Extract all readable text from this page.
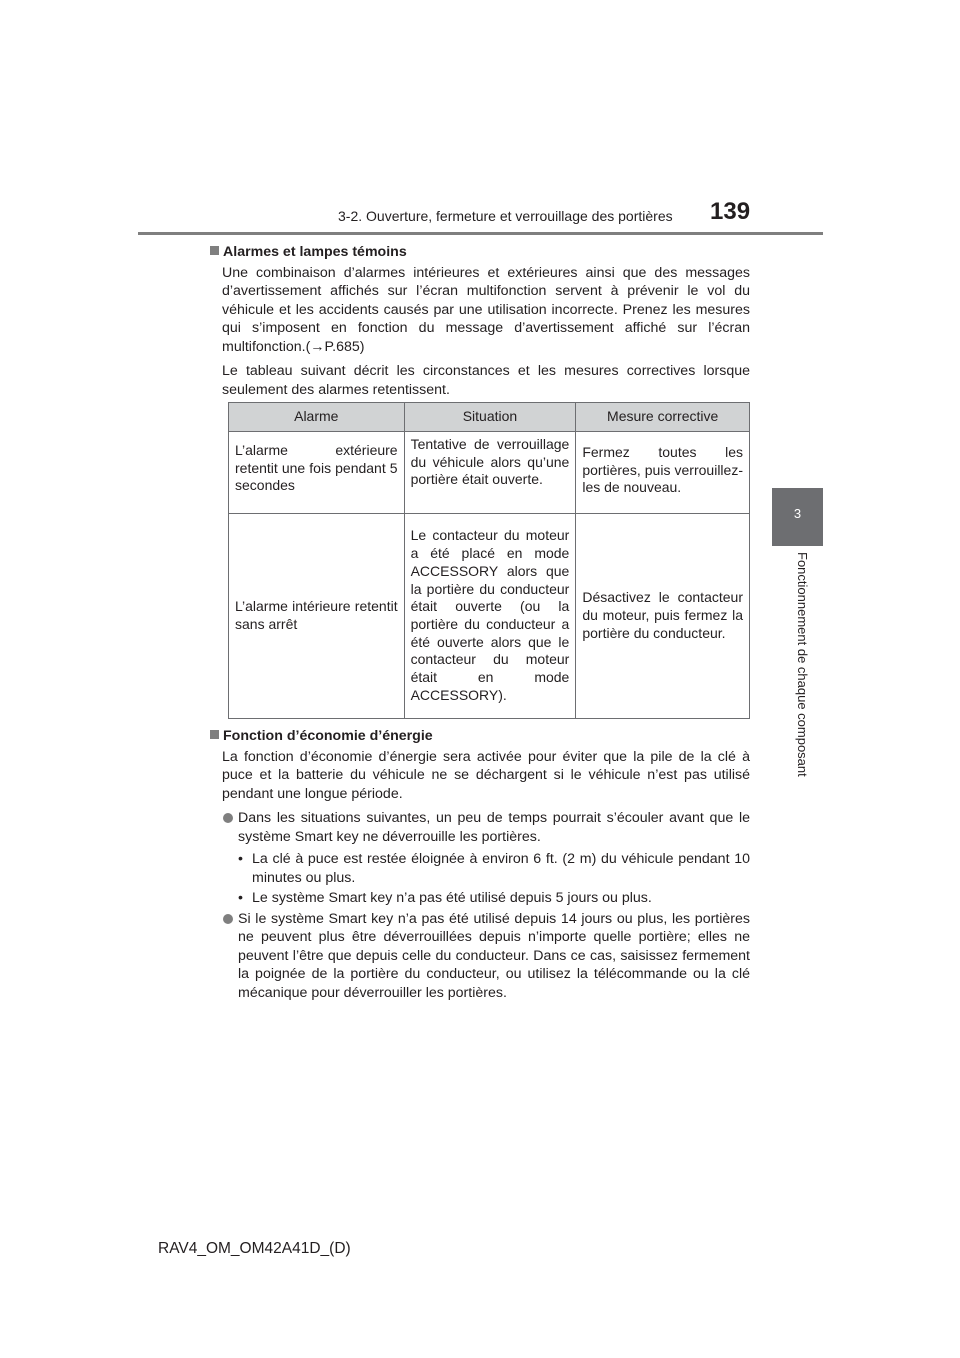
3-2. Ouverture, fermeture et verrouillage des portières 139
3
Fonctionnement de chaque composant
Alarmes et lampes témoins
Une combinaison d’alarmes intérieures et extérieures ainsi que des messages d’avertissement affichés sur l’écran multifonction servent à prévenir le vol du véhicule et les accidents causés par une utilisation incorrecte. Prenez les mesures qui s’imposent en fonction du message d’avertissement affiché sur l’écran multifonction.(→P.685)
Le tableau suivant décrit les circonstances et les mesures correctives lorsque seulement des alarmes retentissent.
Alarme	Situation	Mesure corrective
L’alarme extérieure retentit une fois pendant 5 secondes	Tentative de verrouillage du véhicule alors qu’une portière était ouverte.	Fermez toutes les portières, puis verrouillez-les de nouveau.
L’alarme intérieure retentit sans arrêt	Le contacteur du moteur a été placé en mode ACCESSORY alors que la portière du conducteur était ouverte (ou la portière du conducteur a été ouverte alors que le contacteur du moteur était en mode ACCESSORY).	Désactivez le contacteur du moteur, puis fermez la portière du conducteur.
Fonction d’économie d’énergie
La fonction d’économie d’énergie sera activée pour éviter que la pile de la clé à puce et la batterie du véhicule ne se déchargent si le véhicule n’est pas utilisé pendant une longue période.
Dans les situations suivantes, un peu de temps pourrait s’écouler avant que le système Smart key ne déverrouille les portières.
• La clé à puce est restée éloignée à environ 6 ft. (2 m) du véhicule pendant 10 minutes ou plus.
• Le système Smart key n’a pas été utilisé depuis 5 jours ou plus.
Si le système Smart key n’a pas été utilisé depuis 14 jours ou plus, les portières ne peuvent plus être déverrouillées depuis n’importe quelle portière; elles ne peuvent l’être que depuis celle du conducteur. Dans ce cas, saisissez fermement la poignée de la portière du conducteur, ou utilisez la télécommande ou la clé mécanique pour déverrouiller les portières.
RAV4_OM_OM42A41D_(D)
